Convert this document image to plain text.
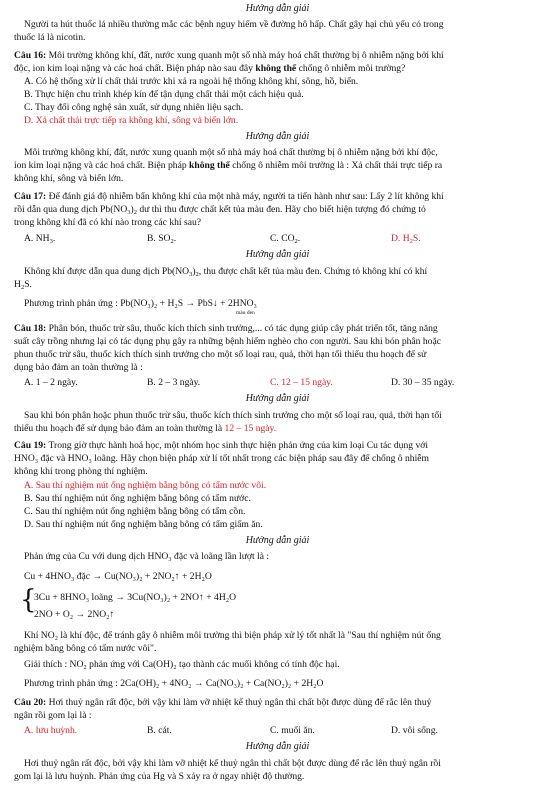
Hướng dẫn giải
Người ta hút thuốc lá nhiều thường mắc các bệnh nguy hiểm về đường hô hấp. Chất gây hại chủ yếu có trong
thuốc lá là nicotin.
Câu 16: Môi trường không khí, đất, nước xung quanh một số nhà máy hoá chất thường bị ô nhiễm nặng bởi khí
độc, ion kim loại nặng và các hoá chất. Biện pháp nào sau đây không thể chống ô nhiễm môi trường?
A. Có hệ thống xử lí chất thải trước khi xả ra ngoài hệ thống không khí, sông, hồ, biển.
B. Thực hiện chu trình khép kín để tận dụng chất thải một cách hiệu quả.
C. Thay đổi công nghệ sản xuất, sử dụng nhiên liệu sạch.
D. Xả chất thải trực tiếp ra không khí, sông và biển lớn.
Hướng dẫn giải
Môi trường không khí, đất, nước xung quanh một số nhà máy hoá chất thường bị ô nhiễm nặng bởi khí độc,
ion kim loại nặng và các hoá chất. Biện pháp không thể chống ô nhiễm môi trường là : Xả chất thải trực tiếp ra
không khí, sông và biển lớn.
Câu 17: Để đánh giá độ nhiễm bẩn không khí của một nhà máy, người ta tiến hành như sau: Lấy 2 lít không khí
rồi dẫn qua dung dịch $Pb(NO_3)_2$ dư thì thu được chất kết tủa màu đen. Hãy cho biết hiện tượng đó chứng tỏ
trong không khí đã có khí nào trong các khí sau?
A. $NH_3$.	B. $SO_2$.	C. $CO_2$.	D. $H_2S$.
Hướng dẫn giải
Không khí được dẫn qua dung dịch $Pb(NO_3)_2$, thu được chất kết tủa màu đen. Chứng tỏ không khí có khí
$H_2S$.
Phương trình phản ứng : Pb(NO₃)₂ + H₂S → PbS↓ + 2HNO₃
màu đen
Câu 18: Phân bón, thuốc trừ sâu, thuốc kích thích sinh trưởng,... có tác dụng giúp cây phát triển tốt, tăng năng
suất cây trồng nhưng lại có tác dụng phụ gây ra những bệnh hiểm nghèo cho con người. Sau khi bón phân hoặc
phun thuốc trừ sâu, thuốc kích thích sinh trưởng cho một số loại rau, quả, thời hạn tối thiểu thu hoạch để sử
dụng bảo đảm an toàn thường là :
A. 1 – 2 ngày.	B. 2 – 3 ngày.	C. 12 – 15 ngày.	D. 30 – 35 ngày.
Hướng dẫn giải
Sau khi bón phân hoặc phun thuốc trừ sâu, thuốc kích thích sinh trưởng cho một số loại rau, quả, thời hạn tối
thiểu thu hoạch để sử dụng bảo đảm an toàn thường là 12 – 15 ngày.
Câu 19: Trong giờ thực hành hoá học, một nhóm học sinh thực hiện phản ứng của kim loại Cu tác dụng với
HNO₃ đặc và HNO₃ loãng. Hãy chọn biện pháp xử lí tốt nhất trong các biện pháp sau đây để chống ô nhiễm
không khí trong phòng thí nghiệm.
A. Sau thí nghiệm nút ống nghiệm bằng bông có tẩm nước vôi.
B. Sau thí nghiệm nút ống nghiệm bằng bông có tẩm nước.
C. Sau thí nghiệm nút ống nghiệm bằng bông có tẩm cồn.
D. Sau thí nghiệm nút ống nghiệm bằng bông có tẩm giấm ăn.
Hướng dẫn giải
Phản ứng của Cu với dung dịch HNO₃ đặc và loãng lần lượt là :
Cu + 4HNO₃ đặc → Cu(NO₃)₂ + 2NO₂↑ + 2H₂O
{
3Cu + 8HNO₃ loãng → 3Cu(NO₃)₂ + 2NO↑ + 4H₂O
2NO + O₂ → 2NO₂↑
Khí NO₂ là khí độc, để tránh gây ô nhiễm môi trường thì biện pháp xử lý tốt nhất là "Sau thí nghiệm nút ống
nghiệm bằng bông có tẩm nước vôi".
Giải thích : NO₂ phản ứng với Ca(OH)₂ tạo thành các muối không có tính độc hại.
Phương trình phản ứng : 2Ca(OH)₂ + 4NO₂ → Ca(NO₃)₂ + Ca(NO₂)₂ + 2H₂O
Câu 20: Hơi thuỷ ngân rất độc, bởi vậy khi làm vỡ nhiệt kế thuỷ ngân thì chất bột được dùng để rắc lên thuỷ
ngân rồi gom lại là :
A. lưu huỳnh.	B. cát.	C. muối ăn.	D. vôi sống.
Hướng dẫn giải
Hơi thuỷ ngân rất độc, bởi vậy khi làm vỡ nhiệt kế thuỷ ngân thì chất bột được dùng để rắc lên thuỷ ngân rồi
gom lại là lưu huỳnh. Phản ứng của Hg và S xảy ra ở ngay nhiệt độ thường.
